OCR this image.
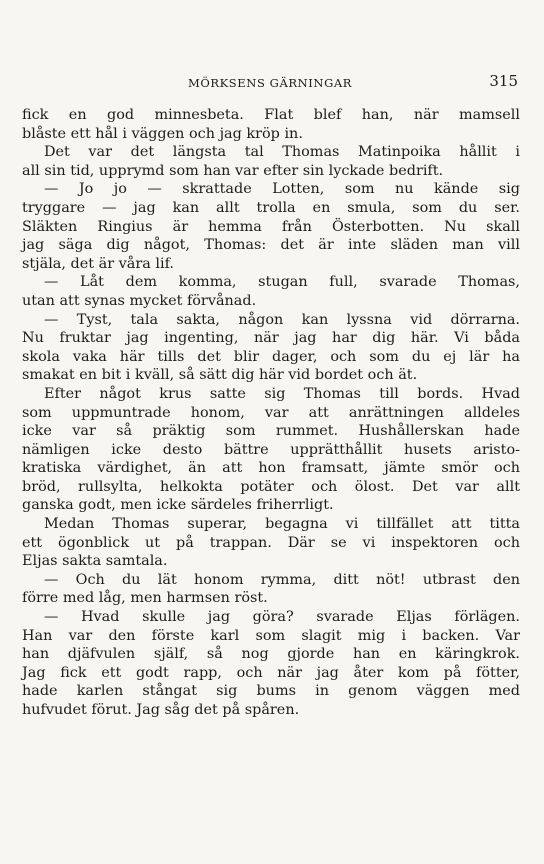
MÖRKSENS GÄRNINGAR	315
fick en god minnesbeta. Flat blef han, när mamsell
blåste ett hål i väggen och jag kröp in.
Det var det längsta tal Thomas Matinpoika hållit i
all sin tid, upprymd som han var efter sin lyckade bedrift.
— Jo jo — skrattade Lotten, som nu kände sig
tryggare — jag kan allt trolla en smula, som du ser.
Släkten Ringius är hemma från Österbotten. Nu skall
jag säga dig något, Thomas: det är inte släden man vill
stjäla, det är våra lif.
— Låt dem komma, stugan full, svarade Thomas,
utan att synas mycket förvånad.
— Tyst, tala sakta, någon kan lyssna vid dörrarna.
Nu fruktar jag ingenting, när jag har dig här. Vi båda
skola vaka här tills det blir dager, och som du ej lär ha
smakat en bit i kväll, så sätt dig här vid bordet och ät.
Efter något krus satte sig Thomas till bords. Hvad
som uppmuntrade honom, var att anrättningen alldeles
icke var så präktig som rummet. Hushållerskan hade
nämligen icke desto bättre upprätthållit husets aristo-
kratiska värdighet, än att hon framsatt, jämte smör och
bröd, rullsylta, helkokta potäter och ölost. Det var allt
ganska godt, men icke särdeles friherrligt.
Medan Thomas superar, begagna vi tillfället att titta
ett ögonblick ut på trappan. Där se vi inspektoren och
Eljas sakta samtala.
— Och du lät honom rymma, ditt nöt! utbrast den
förre med låg, men harmsen röst.
— Hvad skulle jag göra? svarade Eljas förlägen.
Han var den förste karl som slagit mig i backen. Var
han djäfvulen själf, så nog gjorde han en käringkrok.
Jag fick ett godt rapp, och när jag åter kom på fötter,
hade karlen stångat sig bums in genom väggen med
hufvudet förut. Jag såg det på spåren.
